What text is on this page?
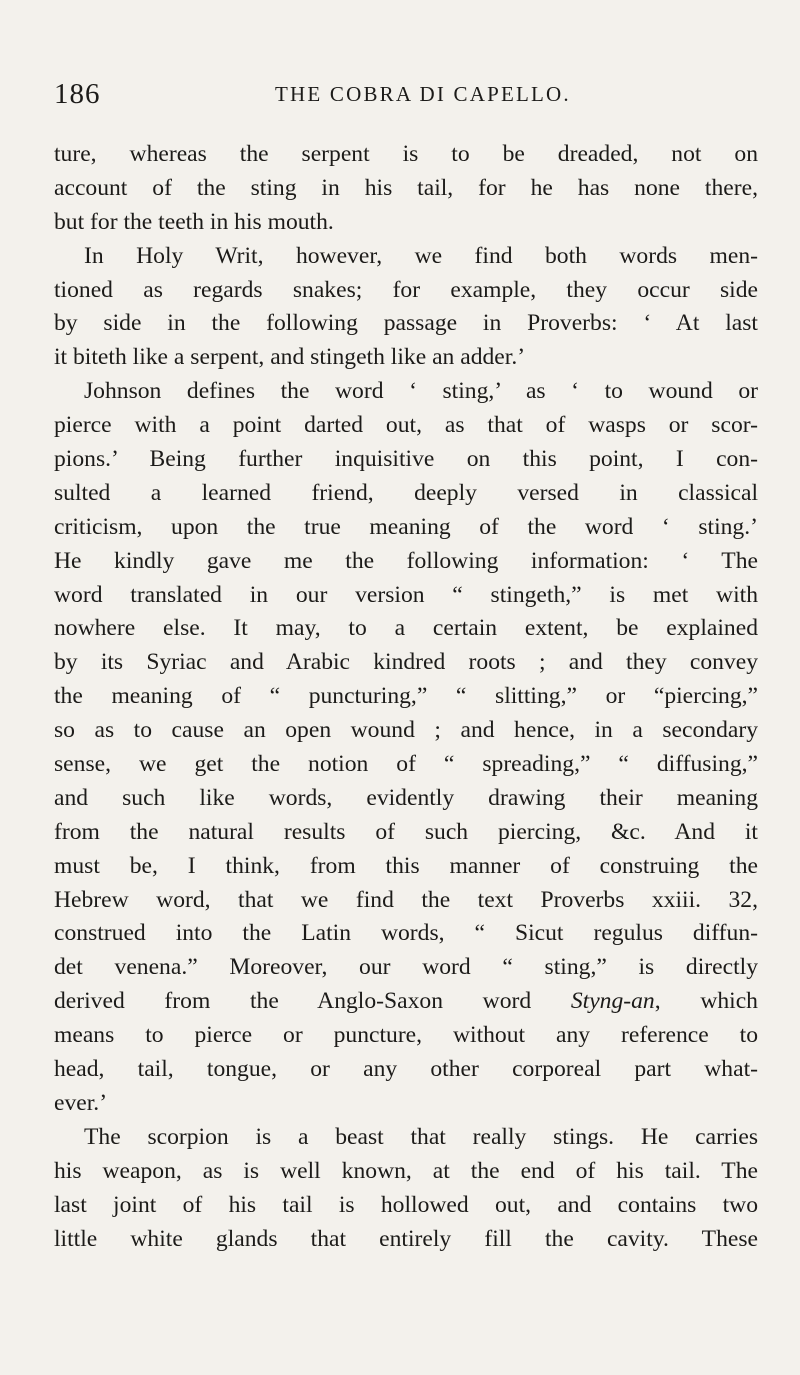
186	THE COBRA DI CAPELLO.
ture, whereas the serpent is to be dreaded, not on
account of the sting in his tail, for he has none there,
but for the teeth in his mouth.
In Holy Writ, however, we find both words men-
tioned as regards snakes; for example, they occur side
by side in the following passage in Proverbs: ‘ At last
it biteth like a serpent, and stingeth like an adder.’
Johnson defines the word ‘ sting,’ as ‘ to wound or
pierce with a point darted out, as that of wasps or scor-
pions.’ Being further inquisitive on this point, I con-
sulted a learned friend, deeply versed in classical
criticism, upon the true meaning of the word ‘ sting.’
He kindly gave me the following information: ‘ The
word translated in our version “ stingeth,” is met with
nowhere else. It may, to a certain extent, be explained
by its Syriac and Arabic kindred roots ; and they convey
the meaning of “ puncturing,” “ slitting,” or “piercing,”
so as to cause an open wound ; and hence, in a secondary
sense, we get the notion of “ spreading,” “ diffusing,”
and such like words, evidently drawing their meaning
from the natural results of such piercing, &c. And it
must be, I think, from this manner of construing the
Hebrew word, that we find the text Proverbs xxiii. 32,
construed into the Latin words, “ Sicut regulus diffun-
det venena.” Moreover, our word “ sting,” is directly
derived from the Anglo-Saxon word Styng-an, which
means to pierce or puncture, without any reference to
head, tail, tongue, or any other corporeal part what-
ever.’
The scorpion is a beast that really stings. He carries
his weapon, as is well known, at the end of his tail. The
last joint of his tail is hollowed out, and contains two
little white glands that entirely fill the cavity. These
